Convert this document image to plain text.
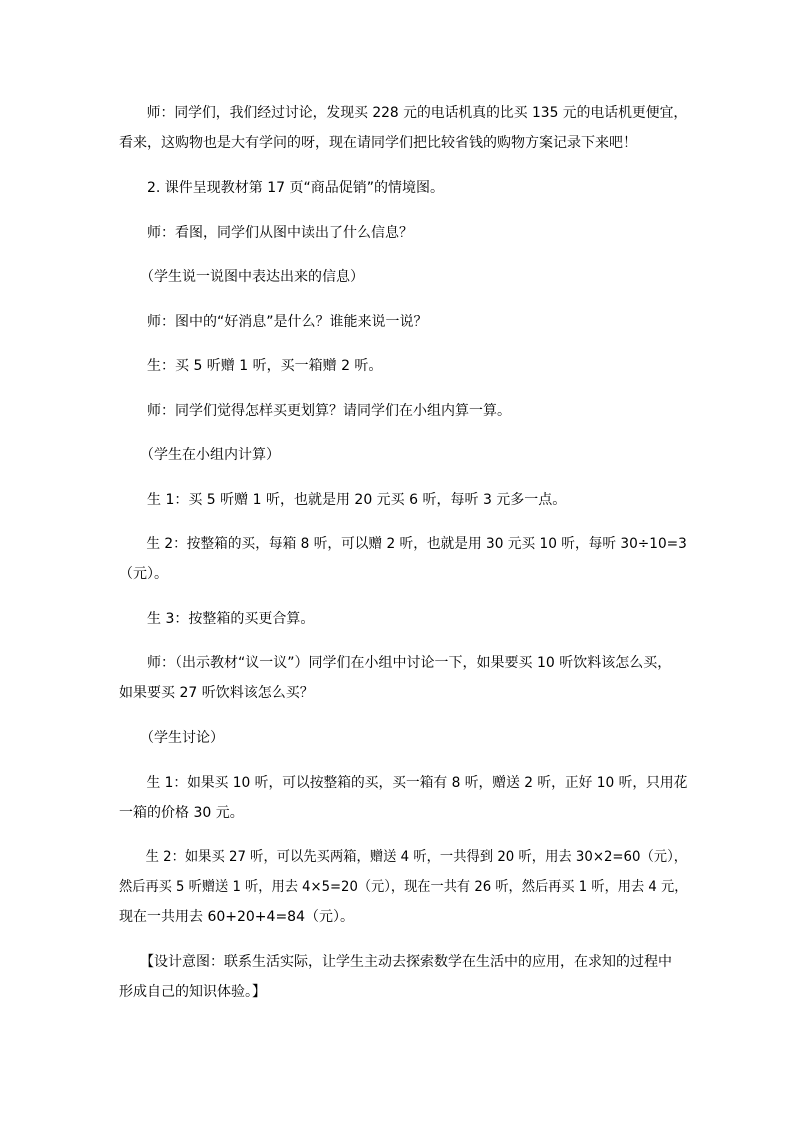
　　师：同学们，我们经过讨论，发现买 228 元的电话机真的比买 135 元的电话机更便宜，
看来，这购物也是大有学问的呀，现在请同学们把比较省钱的购物方案记录下来吧！
　　2. 课件呈现教材第 17 页“商品促销”的情境图。
　　师：看图，同学们从图中读出了什么信息？
　　（学生说一说图中表达出来的信息）
　　师：图中的“好消息”是什么？谁能来说一说？
　　生：买 5 听赠 1 听，买一箱赠 2 听。
　　师：同学们觉得怎样买更划算？请同学们在小组内算一算。
　　（学生在小组内计算）
　　生 1：买 5 听赠 1 听，也就是用 20 元买 6 听，每听 3 元多一点。
　　生 2：按整箱的买，每箱 8 听，可以赠 2 听，也就是用 30 元买 10 听，每听 30÷10=3
（元）。
　　生 3：按整箱的买更合算。
　　师：（出示教材“议一议”）同学们在小组中讨论一下，如果要买 10 听饮料该怎么买，
如果要买 27 听饮料该怎么买？
　　（学生讨论）
　　生 1：如果买 10 听，可以按整箱的买，买一箱有 8 听，赠送 2 听，正好 10 听，只用花
一箱的价格 30 元。
　　生 2：如果买 27 听，可以先买两箱，赠送 4 听，一共得到 20 听，用去 30×2=60（元），
然后再买 5 听赠送 1 听，用去 4×5=20（元），现在一共有 26 听，然后再买 1 听，用去 4 元，
现在一共用去 60+20+4=84（元）。
　　【设计意图：联系生活实际，让学生主动去探索数学在生活中的应用，在求知的过程中
形成自己的知识体验。】
